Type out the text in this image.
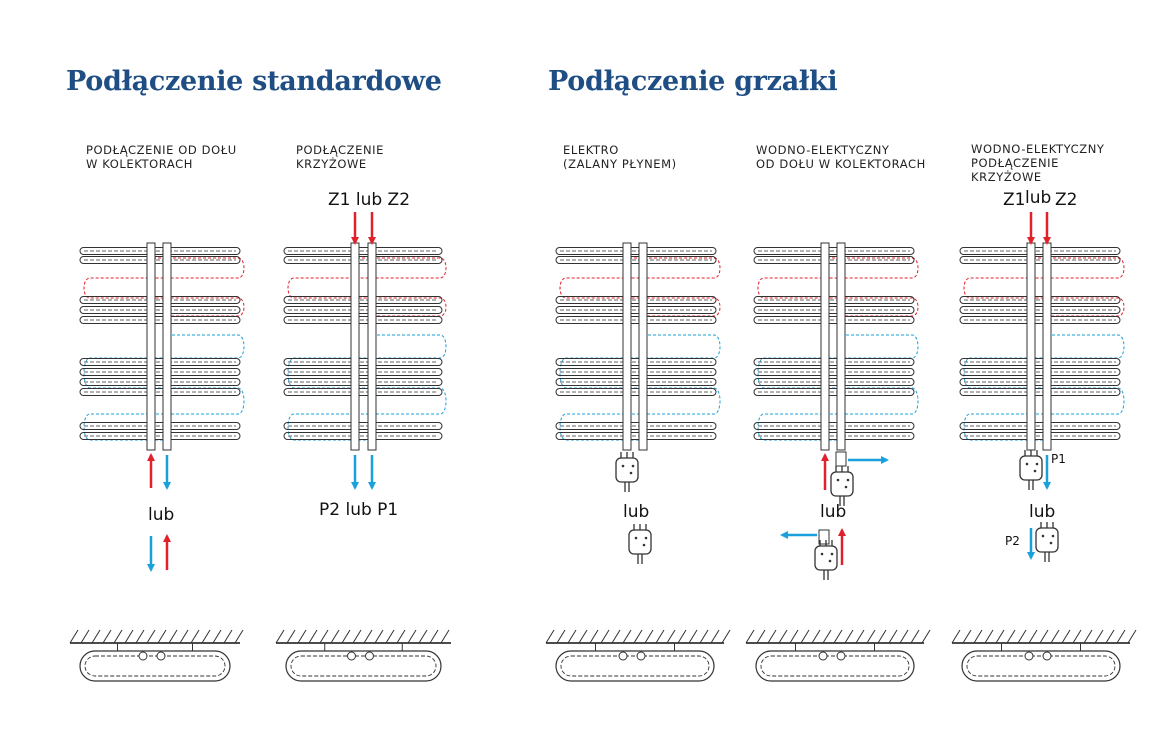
Podłączenie standardowe	Podłączenie grzałki
PODŁĄCZENIE OD DOŁU
W KOLEKTORACH
PODŁĄCZENIE
KRZYŻOWE
ELEKTRO
(ZALANY PŁYNEM)
WODNO-ELEKTYCZNY
OD DOŁU W KOLEKTORACH
WODNO-ELEKTYCZNY
PODŁĄCZENIE
KRZYŻOWE
lub
Z1 lub Z2
P2 lub P1	lub	lub
Z1 lub Z2
P1
lub
P2
